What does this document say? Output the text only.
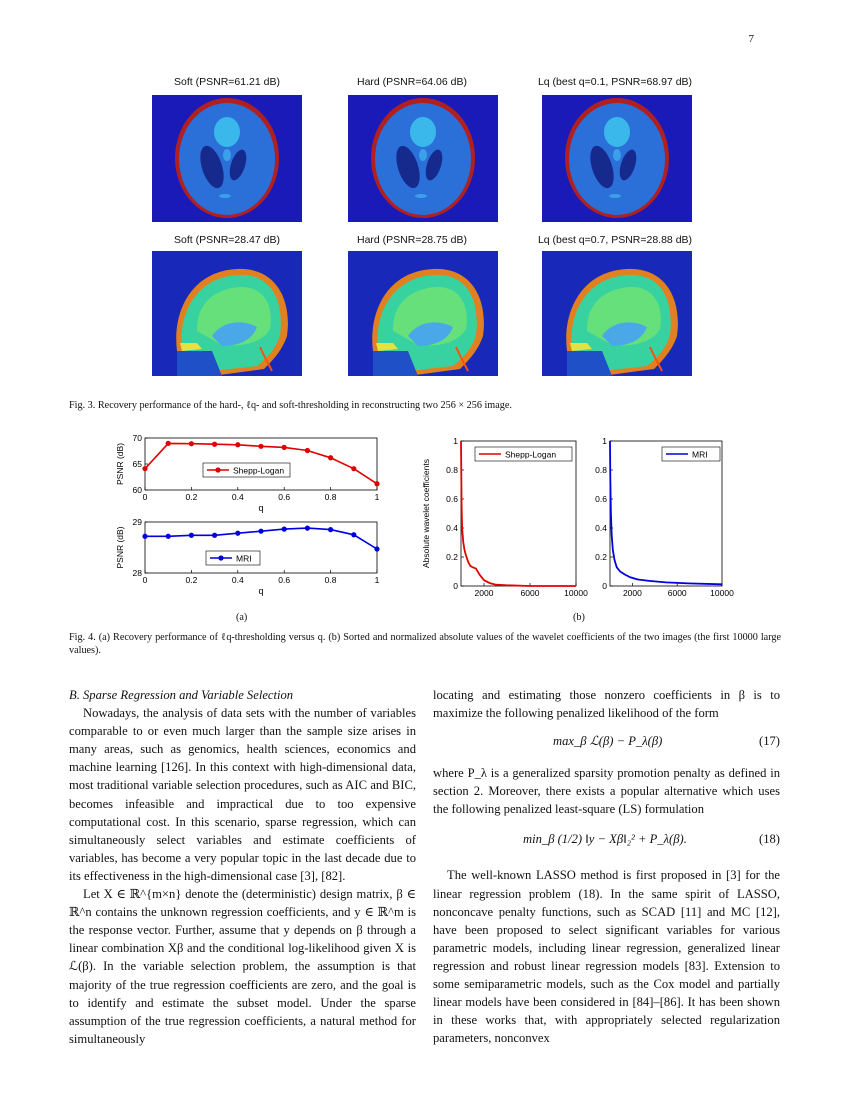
7
Soft (PSNR=61.21 dB)	Hard (PSNR=64.06 dB)	Lq (best q=0.1, PSNR=68.97 dB)
Soft (PSNR=28.47 dB)	Hard (PSNR=28.75 dB)	Lq (best q=0.7, PSNR=28.88 dB)
Fig. 3. Recovery performance of the hard-, ℓq- and soft-thresholding in reconstructing two 256 × 256 image.
0	0.2	0.4	0.6	0.8	1
60
65
70
q
PSNR (dB)	Shepp-Logan
0	0.2	0.4	0.6	0.8	1
28
29
q
PSNR (dB)	MRI
2000	6000	10000
0
0.2
0.4
0.6
0.8
1
Absolute wavelet coefficients
Shepp-Logan
2000	6000	10000
0
0.2
0.4
0.6
0.8
1
MRI
(a)	(b)
Fig. 4. (a) Recovery performance of ℓq-thresholding versus q. (b) Sorted and normalized absolute values of the wavelet coefficients of the two images (the first 10000 large values).

B. Sparse Regression and Variable Selection

Nowadays, the analysis of data sets with the number of variables comparable to or even much larger than the sample size arises in many areas, such as genomics, health sciences, economics and machine learning [126]. In this context with high-dimensional data, most traditional variable selection procedures, such as AIC and BIC, becomes infeasible and impractical due to too expensive computational cost. In this scenario, sparse regression, which can simultaneously select variables and estimate coefficients of variables, has become a very popular topic in the last decade due to its effectiveness in the high-dimensional case [3], [82].

Let X ∈ ℝ^{m×n} denote the (deterministic) design matrix, β ∈ ℝ^n contains the unknown regression coefficients, and y ∈ ℝ^m is the response vector. Further, assume that y depends on β through a linear combination Xβ and the conditional log-likelihood given X is ℒ(β). In the variable selection problem, the assumption is that majority of the true regression coefficients are zero, and the goal is to identify and estimate the subset model. Under the sparse assumption of the true regression coefficients, a natural method for simultaneously

locating and estimating those nonzero coefficients in β is to maximize the following penalized likelihood of the form

max_β ℒ(β) − P_λ(β)	(17)

where P_λ is a generalized sparsity promotion penalty as defined in section 2. Moreover, there exists a popular alternative which uses the following penalized least-square (LS) formulation

min_β (1/2) ‖y − Xβ‖₂² + P_λ(β).	(18)

The well-known LASSO method is first proposed in [3] for the linear regression problem (18). In the same spirit of LASSO, nonconcave penalty functions, such as SCAD [11] and MC [12], have been proposed to select significant variables for various parametric models, including linear regression, generalized linear regression and robust linear regression models [83]. Extension to some semiparametric models, such as the Cox model and partially linear models have been considered in [84]–[86]. It has been shown in these works that, with appropriately selected regularization parameters, nonconvex
